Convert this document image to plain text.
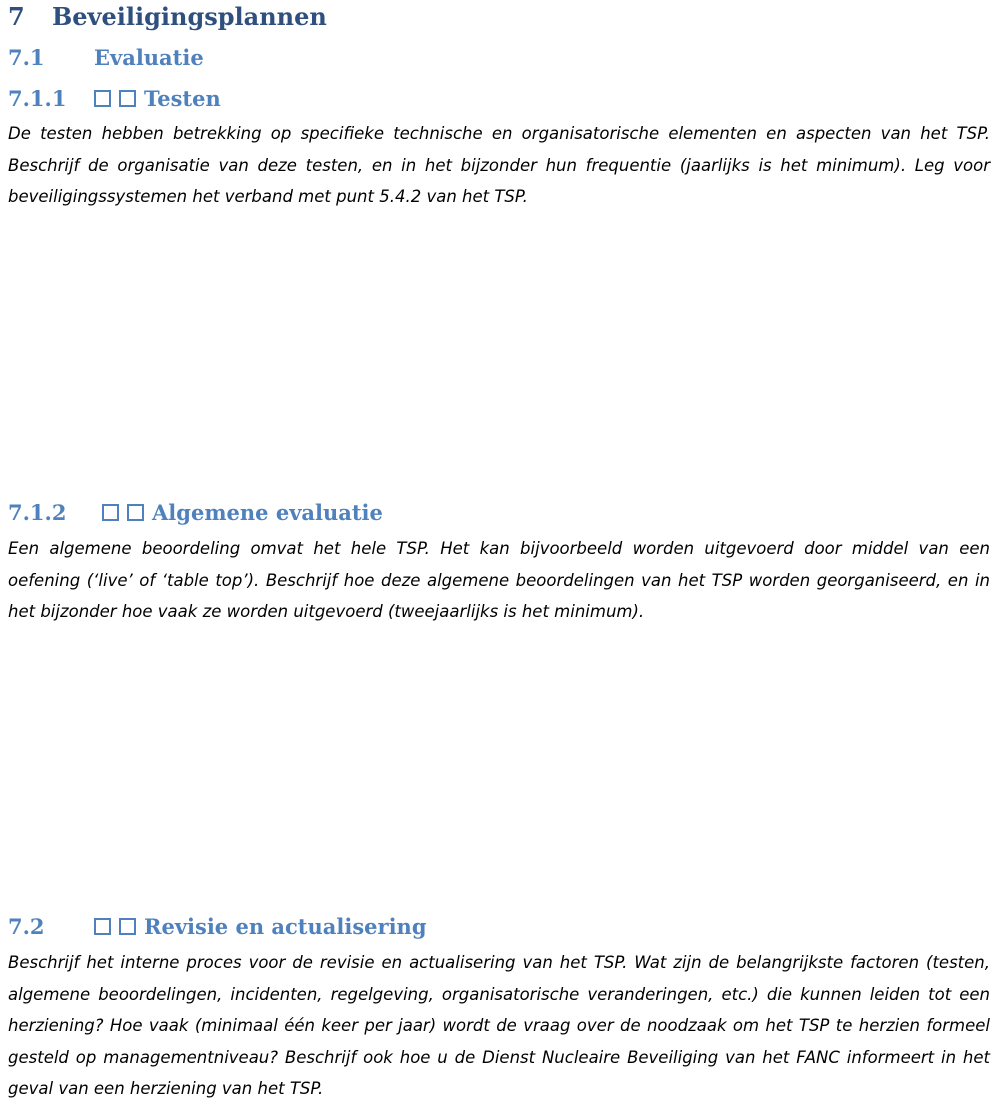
7 Beveiligingsplannen
7.1 Evaluatie
7.1.1	Testen

De testen hebben betrekking op specifieke technische en organisatorische elementen en aspecten van het TSP. Beschrijf de organisatie van deze testen, en in het bijzonder hun frequentie (jaarlijks is het minimum). Leg voor beveiligingssystemen het verband met punt 5.4.2 van het TSP.

7.1.2	Algemene evaluatie

Een algemene beoordeling omvat het hele TSP. Het kan bijvoorbeeld worden uitgevoerd door middel van een oefening (‘live’ of ‘table top’). Beschrijf hoe deze algemene beoordelingen van het TSP worden georganiseerd, en in het bijzonder hoe vaak ze worden uitgevoerd (tweejaarlijks is het minimum).

7.2	Revisie en actualisering

Beschrijf het interne proces voor de revisie en actualisering van het TSP. Wat zijn de belangrijkste factoren (testen, algemene beoordelingen, incidenten, regelgeving, organisatorische veranderingen, etc.) die kunnen leiden tot een herziening? Hoe vaak (minimaal één keer per jaar) wordt de vraag over de noodzaak om het TSP te herzien formeel gesteld op managementniveau? Beschrijf ook hoe u de Dienst Nucleaire Beveiliging van het FANC informeert in het geval van een herziening van het TSP.
